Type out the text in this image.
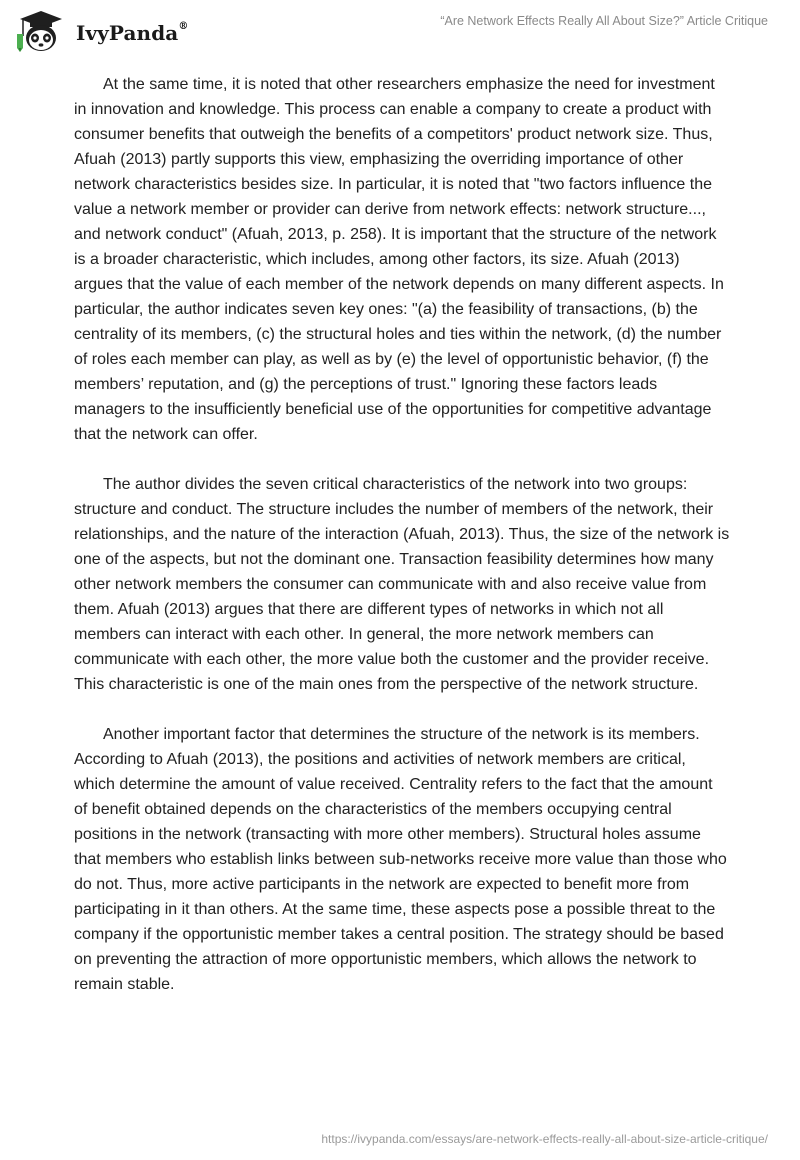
IvyPanda®	“Are Network Effects Really All About Size?” Article Critique

At the same time, it is noted that other researchers emphasize the need for investment in innovation and knowledge. This process can enable a company to create a product with consumer benefits that outweigh the benefits of a competitors' product network size. Thus, Afuah (2013) partly supports this view, emphasizing the overriding importance of other network characteristics besides size. In particular, it is noted that "two factors influence the value a network member or provider can derive from network effects: network structure..., and network conduct" (Afuah, 2013, p. 258). It is important that the structure of the network is a broader characteristic, which includes, among other factors, its size. Afuah (2013) argues that the value of each member of the network depends on many different aspects. In particular, the author indicates seven key ones: "(a) the feasibility of transactions, (b) the centrality of its members, (c) the structural holes and ties within the network, (d) the number of roles each member can play, as well as by (e) the level of opportunistic behavior, (f) the members’ reputation, and (g) the perceptions of trust." Ignoring these factors leads managers to the insufficiently beneficial use of the opportunities for competitive advantage that the network can offer.

The author divides the seven critical characteristics of the network into two groups: structure and conduct. The structure includes the number of members of the network, their relationships, and the nature of the interaction (Afuah, 2013). Thus, the size of the network is one of the aspects, but not the dominant one. Transaction feasibility determines how many other network members the consumer can communicate with and also receive value from them. Afuah (2013) argues that there are different types of networks in which not all members can interact with each other. In general, the more network members can communicate with each other, the more value both the customer and the provider receive. This characteristic is one of the main ones from the perspective of the network structure.

Another important factor that determines the structure of the network is its members. According to Afuah (2013), the positions and activities of network members are critical, which determine the amount of value received. Centrality refers to the fact that the amount of benefit obtained depends on the characteristics of the members occupying central positions in the network (transacting with more other members). Structural holes assume that members who establish links between sub-networks receive more value than those who do not. Thus, more active participants in the network are expected to benefit more from participating in it than others. At the same time, these aspects pose a possible threat to the company if the opportunistic member takes a central position. The strategy should be based on preventing the attraction of more opportunistic members, which allows the network to remain stable.

https://ivypanda.com/essays/are-network-effects-really-all-about-size-article-critique/
